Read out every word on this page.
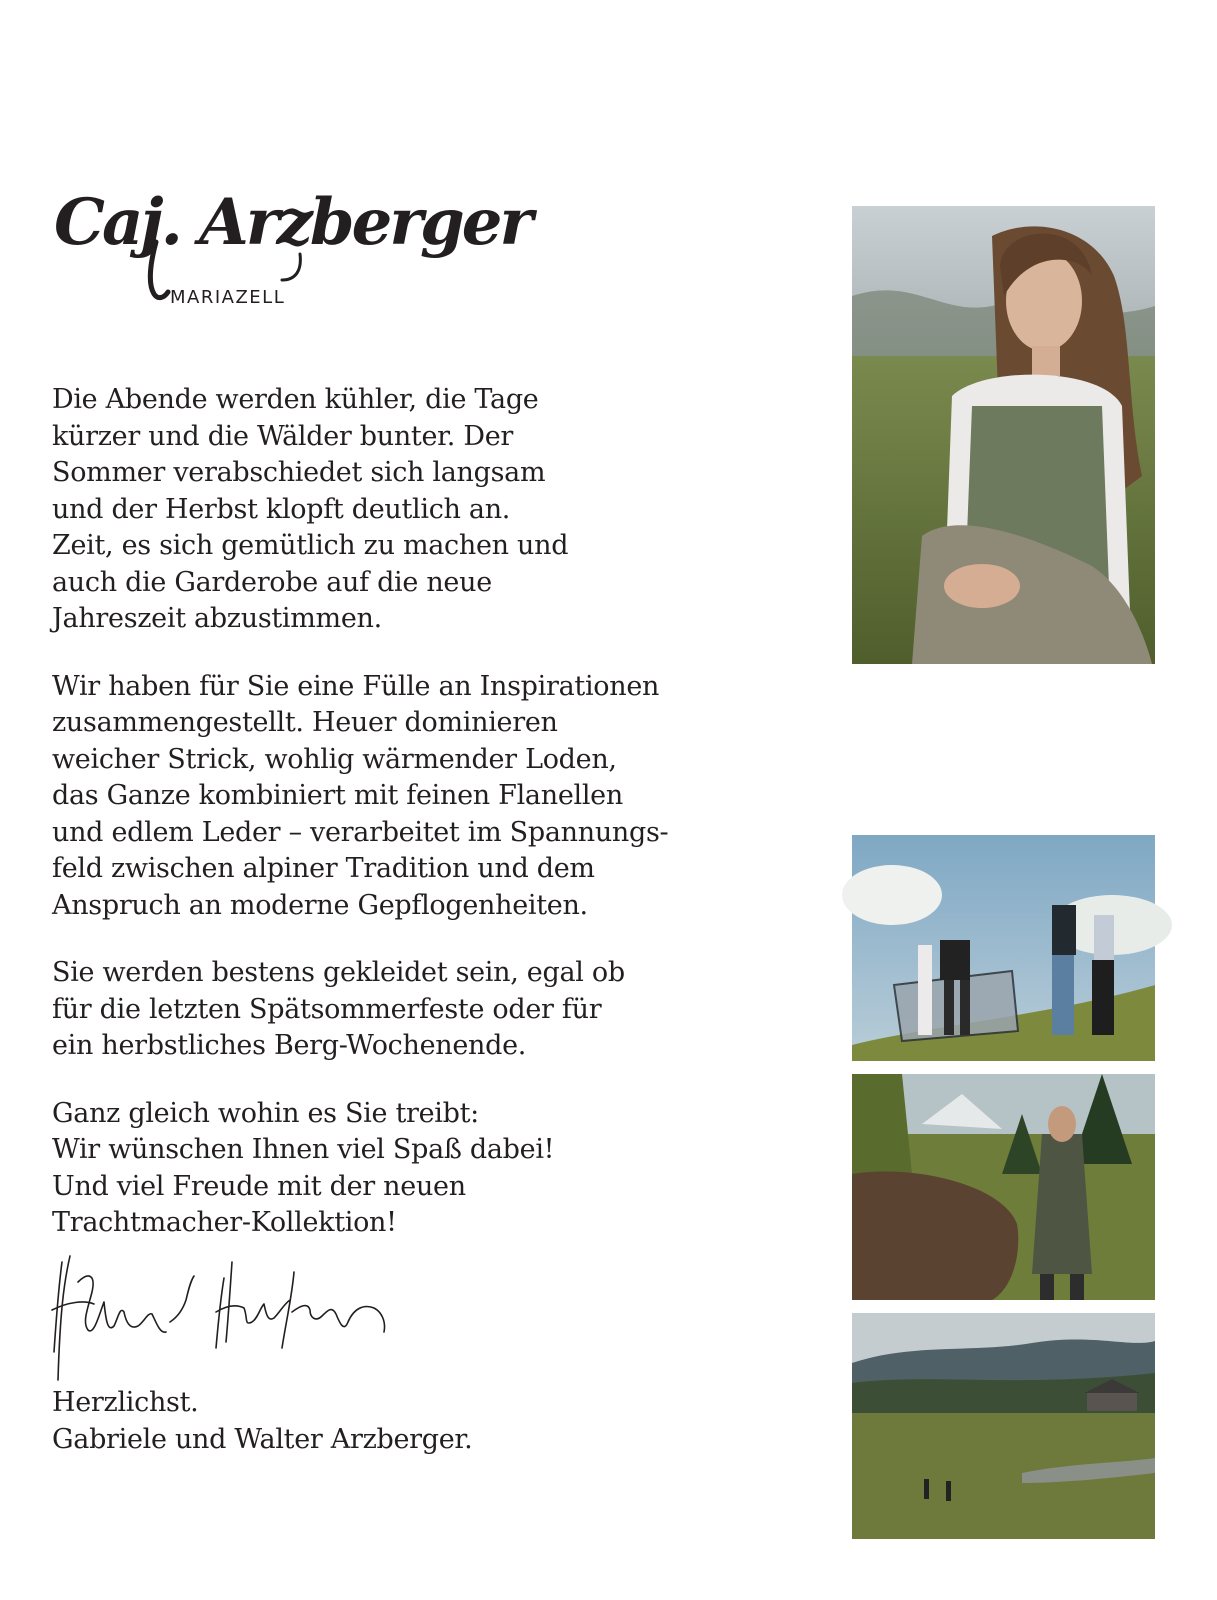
Caj. Arzberger
MARIAZELL

Die Abende werden kühler, die Tage
kürzer und die Wälder bunter. Der
Sommer verabschiedet sich langsam
und der Herbst klopft deutlich an.
Zeit, es sich gemütlich zu machen und
auch die Garderobe auf die neue
Jahreszeit abzustimmen.

Wir haben für Sie eine Fülle an Inspirationen
zusammengestellt. Heuer dominieren
weicher Strick, wohlig wärmender Loden,
das Ganze kombiniert mit feinen Flanellen
und edlem Leder – verarbeitet im Spannungs-
feld zwischen alpiner Tradition und dem
Anspruch an moderne Gepflogenheiten.

Sie werden bestens gekleidet sein, egal ob
für die letzten Spätsommerfeste oder für
ein herbstliches Berg-Wochenende.

Ganz gleich wohin es Sie treibt:
Wir wünschen Ihnen viel Spaß dabei!
Und viel Freude mit der neuen
Trachtmacher-Kollektion!

Herzlichst.
Gabriele und Walter Arzberger.
